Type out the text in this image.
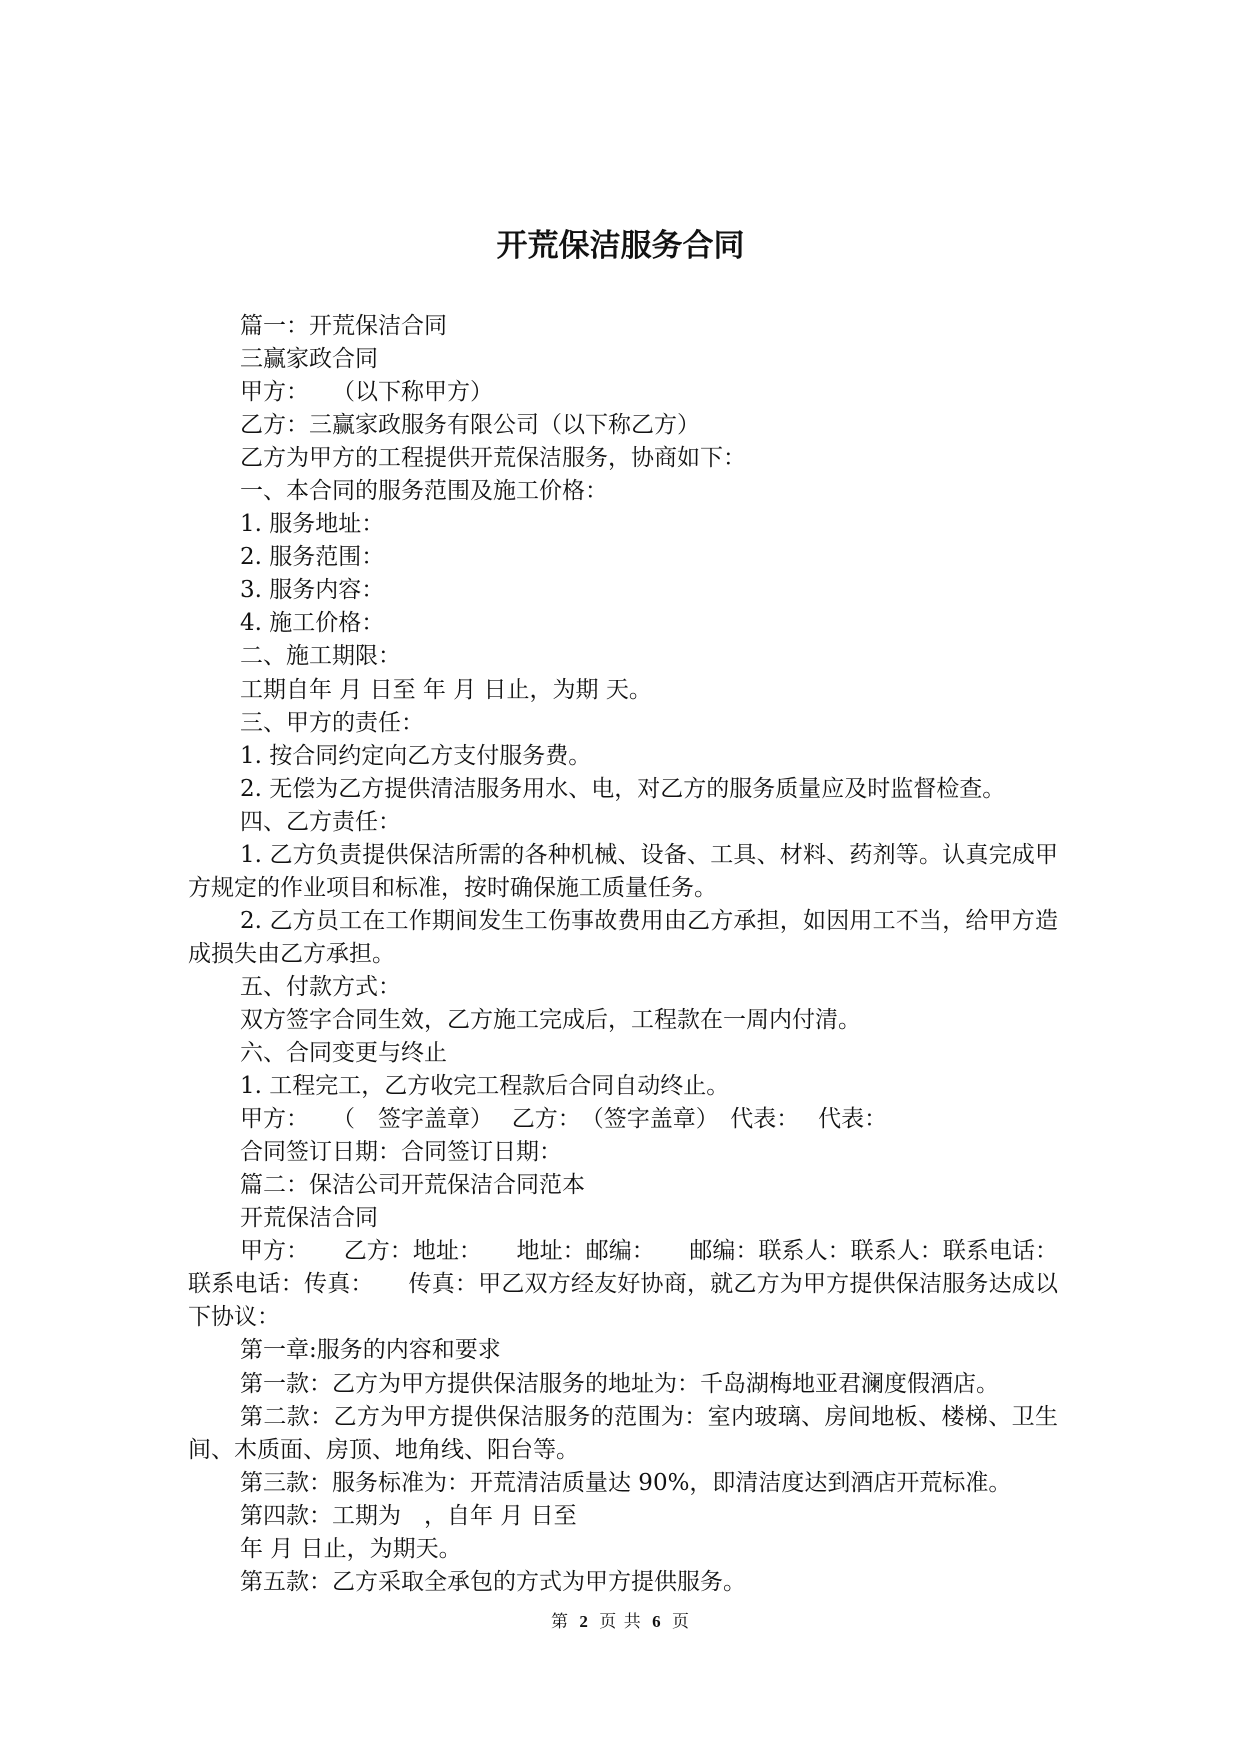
开荒保洁服务合同

篇一：开荒保洁合同

三赢家政合同

甲方：　　（以下称甲方）

乙方：三赢家政服务有限公司（以下称乙方）

乙方为甲方的工程提供开荒保洁服务，协商如下：

一、本合同的服务范围及施工价格：

1. 服务地址：

2. 服务范围：

3. 服务内容：

4. 施工价格：

二、施工期限：

工期自年 月 日至 年 月 日止，为期 天。

三、甲方的责任：

1. 按合同约定向乙方支付服务费。

2. 无偿为乙方提供清洁服务用水、电，对乙方的服务质量应及时监督检查。

四、乙方责任：

1. 乙方负责提供保洁所需的各种机械、设备、工具、材料、药剂等。认真完成甲方规定的作业项目和标准，按时确保施工质量任务。

2. 乙方员工在工作期间发生工伤事故费用由乙方承担，如因用工不当，给甲方造成损失由乙方承担。

五、付款方式：

双方签字合同生效，乙方施工完成后，工程款在一周内付清。

六、合同变更与终止

1. 工程完工，乙方收完工程款后合同自动终止。

甲方：　　（　签字盖章）　 乙方：　（签字盖章）　代表：　 代表：

合同签订日期：合同签订日期：

篇二：保洁公司开荒保洁合同范本

开荒保洁合同

甲方：　　乙方：地址：　　地址：邮编：　　邮编：联系人：联系人：联系电话：联系电话：传真：　　传真：甲乙双方经友好协商，就乙方为甲方提供保洁服务达成以下协议：

第一章:服务的内容和要求

第一款：乙方为甲方提供保洁服务的地址为：千岛湖梅地亚君澜度假酒店。

第二款：乙方为甲方提供保洁服务的范围为：室内玻璃、房间地板、楼梯、卫生间、木质面、房顶、地角线、阳台等。

第三款：服务标准为：开荒清洁质量达 90%，即清洁度达到酒店开荒标准。

第四款：工期为　，自年 月 日至

年 月 日止，为期天。

第五款：乙方采取全承包的方式为甲方提供服务。

第 2 页 共 6 页
